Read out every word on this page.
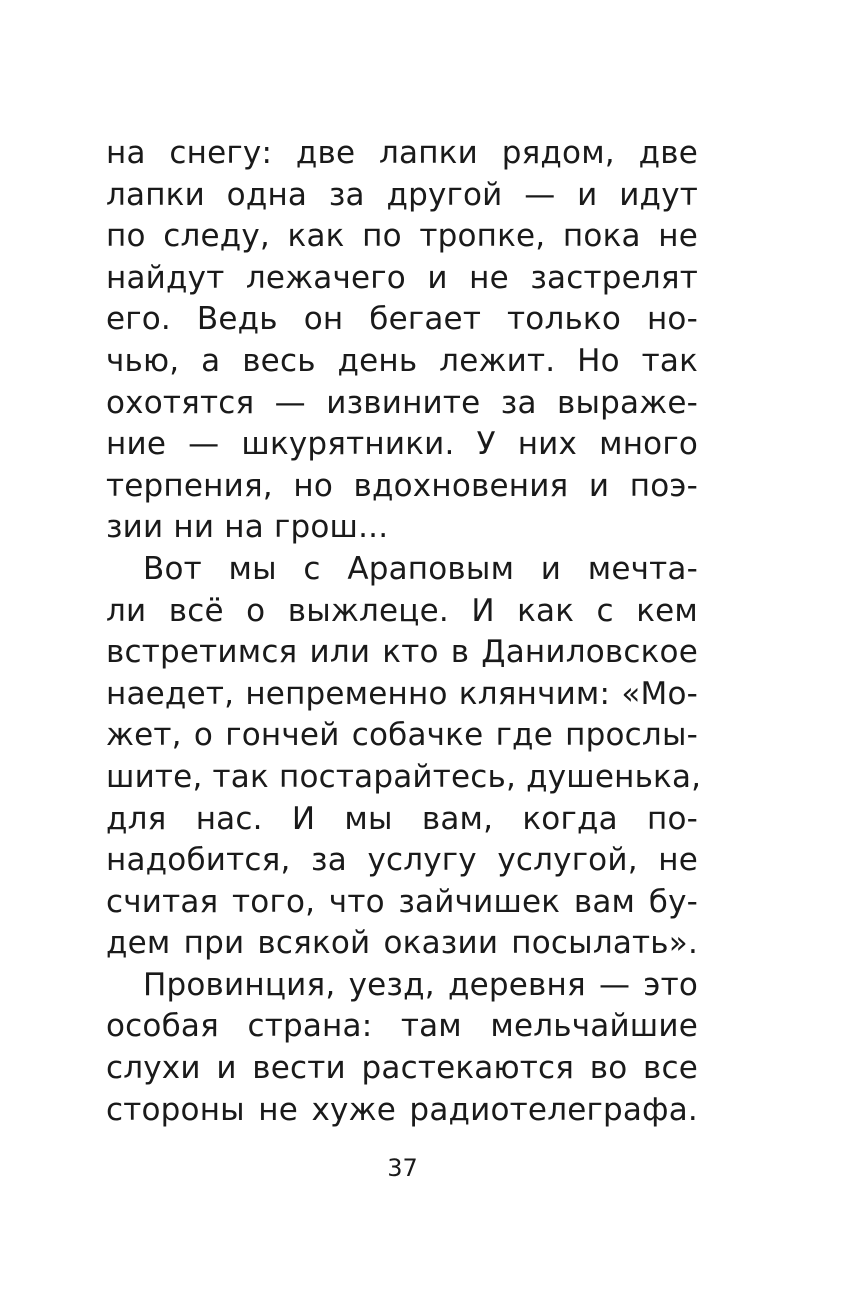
на снегу: две лапки рядом, две
лапки одна за другой — и идут
по следу, как по тропке, пока не
найдут лежачего и не застрелят
его. Ведь он бегает только но-
чью, а весь день лежит. Но так
охотятся — извините за выраже-
ние — шкурятники. У них много
терпения, но вдохновения и поэ-
зии ни на грош...
Вот мы с Араповым и мечта-
ли всё о выжлеце. И как с кем
встретимся или кто в Даниловское
наедет, непременно клянчим: «Мо-
жет, о гончей собачке где прослы-
шите, так постарайтесь, душенька,
для нас. И мы вам, когда по-
надобится, за услугу услугой, не
считая того, что зайчишек вам бу-
дем при всякой оказии посылать».
Провинция, уезд, деревня — это
особая страна: там мельчайшие
слухи и вести растекаются во все
стороны не хуже радиотелеграфа.
37
